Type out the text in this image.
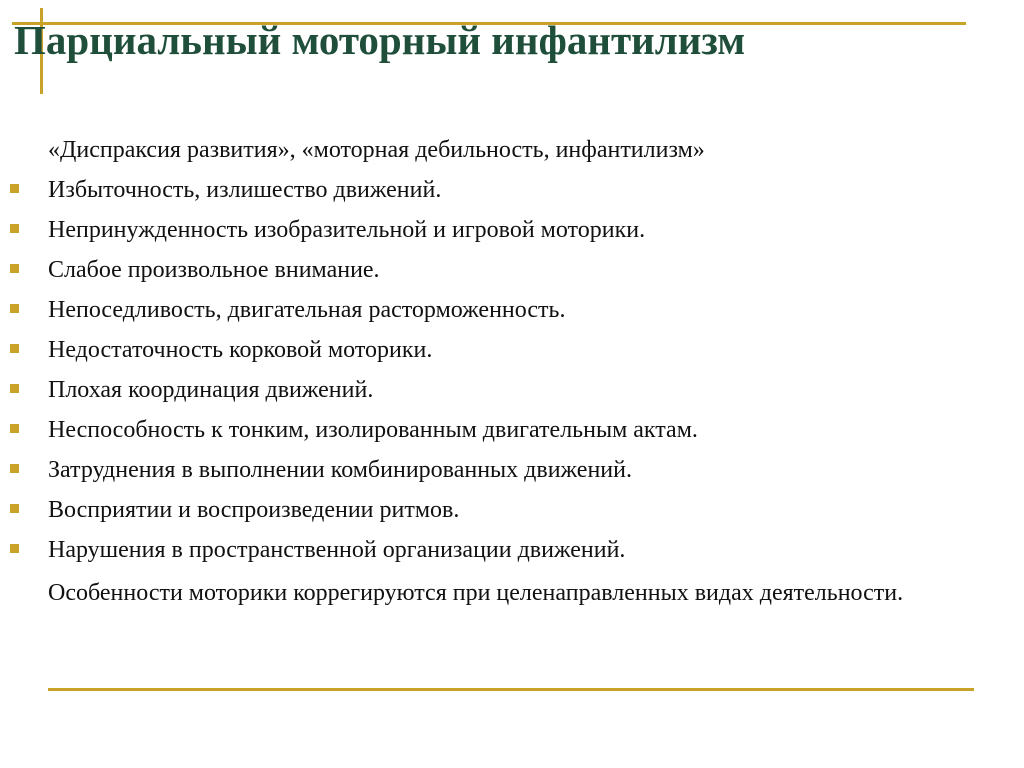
Парциальный моторный инфантилизм

«Диспраксия развития», «моторная дебильность, инфантилизм»

Избыточность, излишество движений.
Непринужденность изобразительной и игровой моторики.
Слабое произвольное внимание.
Непоседливость, двигательная расторможенность.
Недостаточность корковой моторики.
Плохая координация движений.
Неспособность к тонким, изолированным двигательным актам.
Затруднения в выполнении комбинированных движений.
Восприятии и воспроизведении ритмов.
Нарушения в пространственной организации движений.

Особенности моторики коррегируются при целенаправленных видах деятельности.
